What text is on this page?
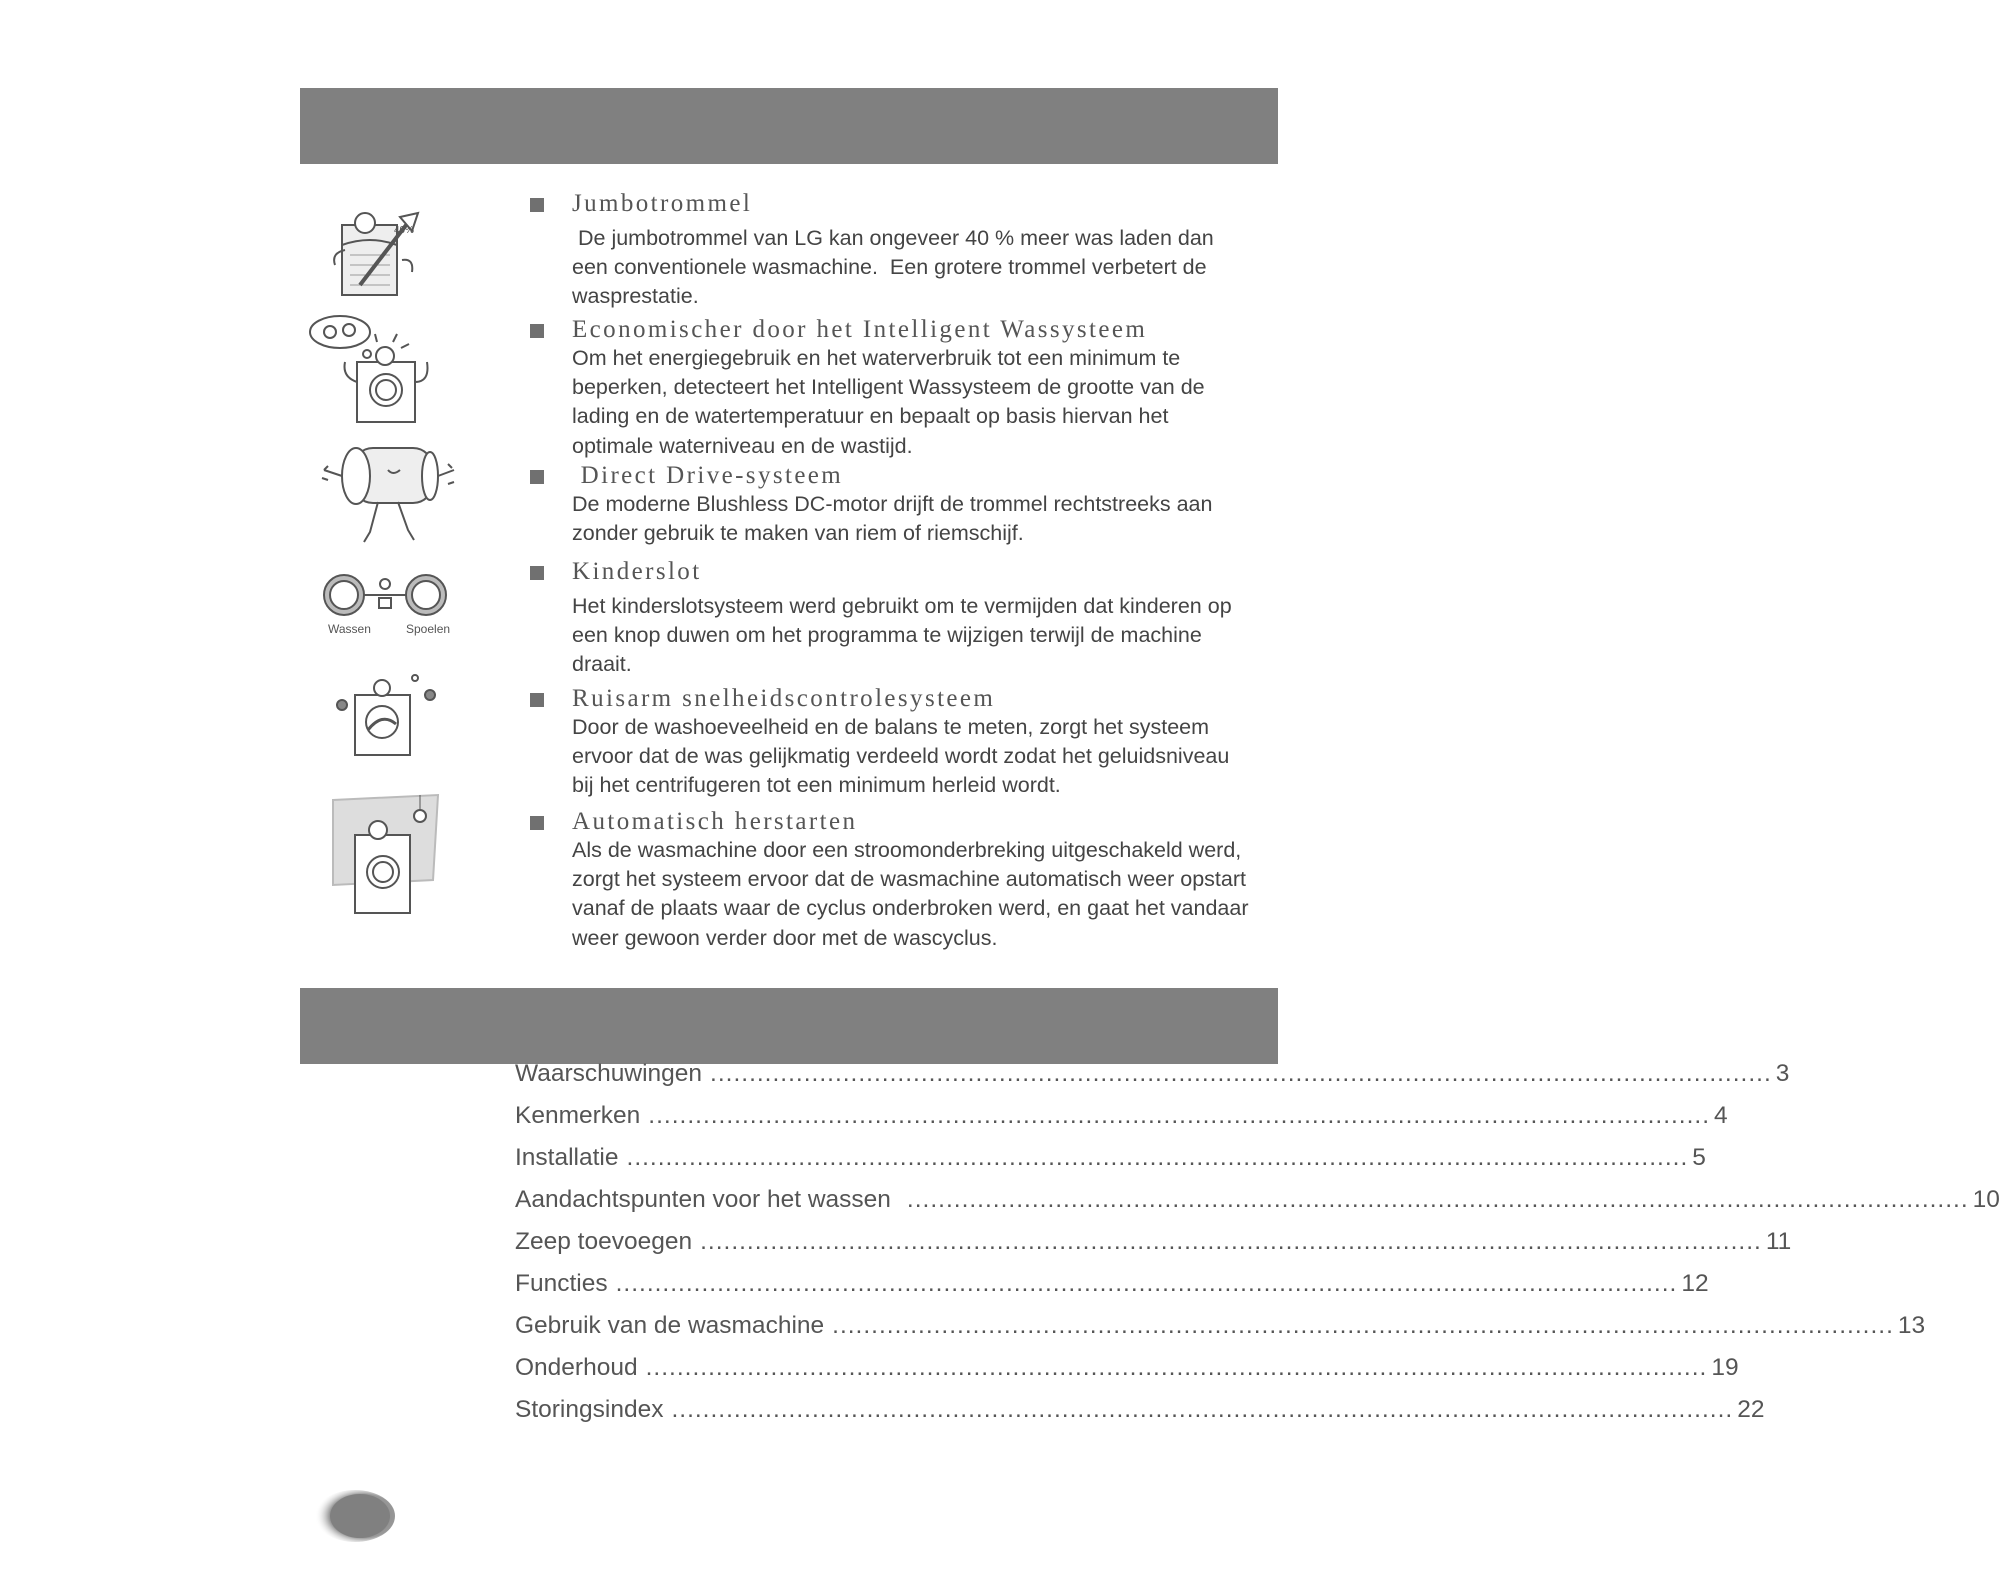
40%
Wassen	Spoelen
Jumbotrommel
De jumbotrommel van LG kan ongeveer 40 % meer was laden dan een conventionele wasmachine.  Een grotere trommel verbetert de wasprestatie.
Economischer door het Intelligent Wassysteem
Om het energiegebruik en het waterverbruik tot een minimum te beperken, detecteert het Intelligent Wassysteem de grootte van de lading en de watertemperatuur en bepaalt op basis hiervan het optimale waterniveau en de wastijd.
Direct Drive-systeem
De moderne Blushless DC-motor drijft de trommel rechtstreeks aan zonder gebruik te maken van riem of riemschijf.
Kinderslot
Het kinderslotsysteem werd gebruikt om te vermijden dat kinderen op een knop duwen om het programma te wijzigen terwijl de machine draait.
Ruisarm snelheidscontrolesysteem
Door de washoeveelheid en de balans te meten, zorgt het systeem ervoor dat de was gelijkmatig verdeeld wordt zodat het geluidsniveau bij het centrifugeren tot een minimum herleid wordt.
Automatisch herstarten
Als de wasmachine door een stroomonderbreking uitgeschakeld werd, zorgt het systeem ervoor dat de wasmachine automatisch weer opstart vanaf de plaats waar de cyclus onderbroken werd, en gaat het vandaar weer gewoon verder door met de wascyclus.
Waarschuwingen ........................................................................................................................................ 3
Kenmerken ........................................................................................................................................ 4
Installatie ........................................................................................................................................ 5
Aandachtspunten voor het wassen ........................................................................................................................................ 10
Zeep toevoegen ........................................................................................................................................ 11
Functies ........................................................................................................................................ 12
Gebruik van de wasmachine ........................................................................................................................................ 13
Onderhoud ........................................................................................................................................ 19
Storingsindex ........................................................................................................................................ 22
